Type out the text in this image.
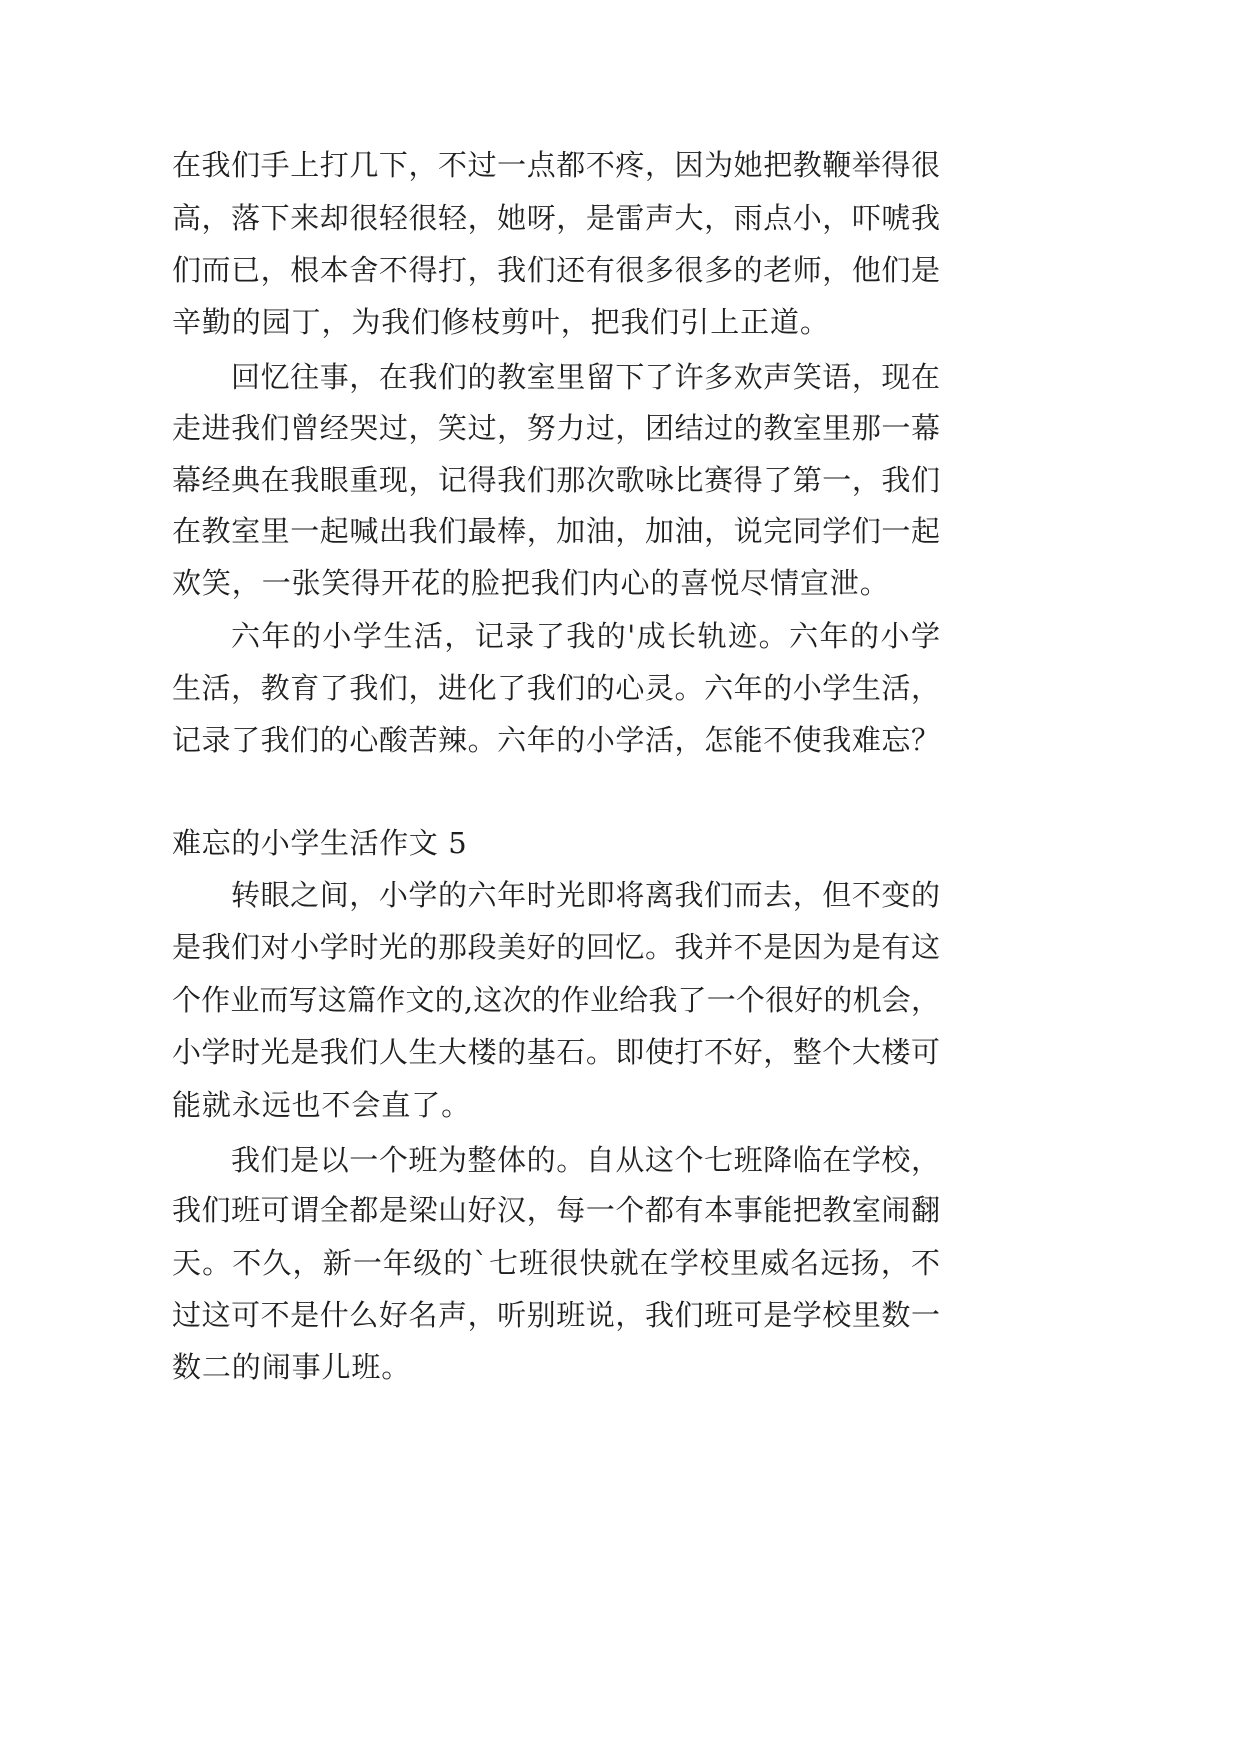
在我们手上打几下，不过一点都不疼，因为她把教鞭举得很
高，落下来却很轻很轻，她呀，是雷声大，雨点小，吓唬我
们而已，根本舍不得打，我们还有很多很多的老师，他们是
辛勤的园丁，为我们修枝剪叶，把我们引上正道。
回忆往事，在我们的教室里留下了许多欢声笑语，现在
走进我们曾经哭过，笑过，努力过，团结过的教室里那一幕
幕经典在我眼重现，记得我们那次歌咏比赛得了第一，我们
在教室里一起喊出我们最棒，加油，加油，说完同学们一起
欢笑，一张笑得开花的脸把我们内心的喜悦尽情宣泄。
六年的小学生活，记录了我的'成长轨迹。六年的小学
生活，教育了我们，进化了我们的心灵。六年的小学生活，
记录了我们的心酸苦辣。六年的小学活，怎能不使我难忘？
难忘的小学生活作文 5
转眼之间，小学的六年时光即将离我们而去，但不变的
是我们对小学时光的那段美好的回忆。我并不是因为是有这
个作业而写这篇作文的,这次的作业给我了一个很好的机会，
小学时光是我们人生大楼的基石。即使打不好，整个大楼可
能就永远也不会直了。
我们是以一个班为整体的。自从这个七班降临在学校，
我们班可谓全都是梁山好汉，每一个都有本事能把教室闹翻
天。不久，新一年级的`七班很快就在学校里威名远扬，不
过这可不是什么好名声，听别班说，我们班可是学校里数一
数二的闹事儿班。
